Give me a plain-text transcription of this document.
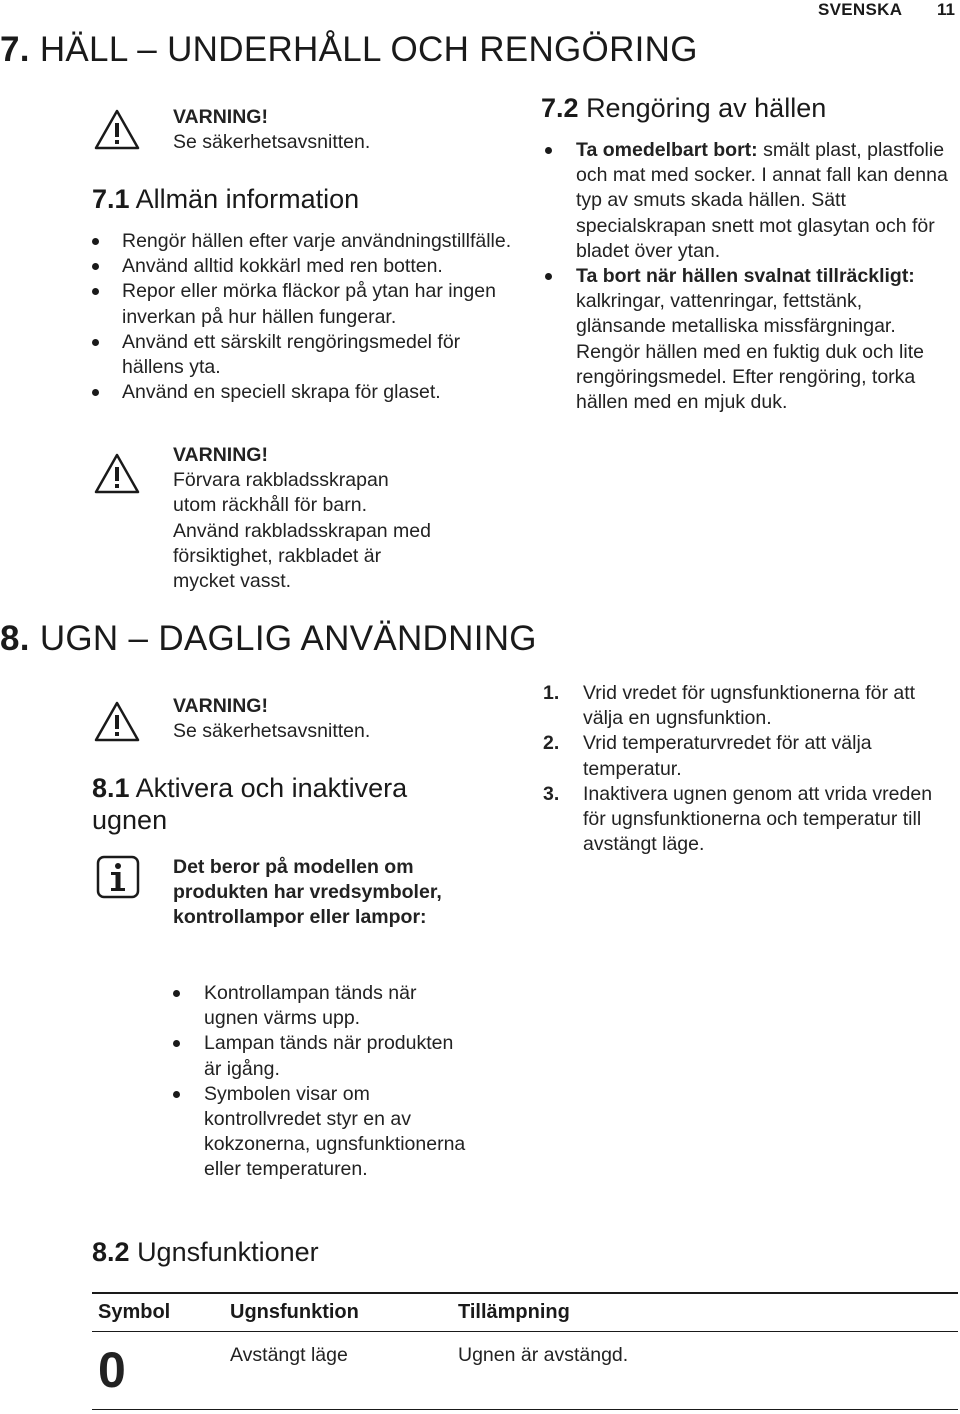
SVENSKA 11
7. HÄLL – UNDERHÅLL OCH RENGÖRING
VARNING!
Se säkerhetsavsnitten.
7.1 Allmän information
Rengör hällen efter varje användningstillfälle.
Använd alltid kokkärl med ren botten.
Repor eller mörka fläckor på ytan har ingen inverkan på hur hällen fungerar.
Använd ett särskilt rengöringsmedel för hällens yta.
Använd en speciell skrapa för glaset.
VARNING!
Förvara rakbladsskrapan
utom räckhåll för barn.
Använd rakbladsskrapan med
försiktighet, rakbladet är
mycket vasst.
7.2 Rengöring av hällen
Ta omedelbart bort: smält plast, plastfolie och mat med socker. I annat fall kan denna typ av smuts skada hällen. Sätt specialskrapan snett mot glasytan och för bladet över ytan.
Ta bort när hällen svalnat tillräckligt: kalkringar, vattenringar, fettstänk, glänsande metalliska missfärgningar. Rengör hällen med en fuktig duk och lite rengöringsmedel. Efter rengöring, torka hällen med en mjuk duk.
8. UGN – DAGLIG ANVÄNDNING
VARNING!
Se säkerhetsavsnitten.
8.1 Aktivera och inaktivera
ugnen
Det beror på modellen om produkten har vredsymboler, kontrollampor eller lampor:
Kontrollampan tänds när ugnen värms upp.
Lampan tänds när produkten är igång.
Symbolen visar om kontrollvredet styr en av kokzonerna, ugnsfunktionerna eller temperaturen.
1. Vrid vredet för ugnsfunktionerna för att välja en ugnsfunktion.
2. Vrid temperaturvredet för att välja temperatur.
3. Inaktivera ugnen genom att vrida vreden för ugnsfunktionerna och temperatur till avstängt läge.
8.2 Ugnsfunktioner
Symbol	Ugnsfunktion	Tillämpning
0	Avstängt läge	Ugnen är avstängd.
